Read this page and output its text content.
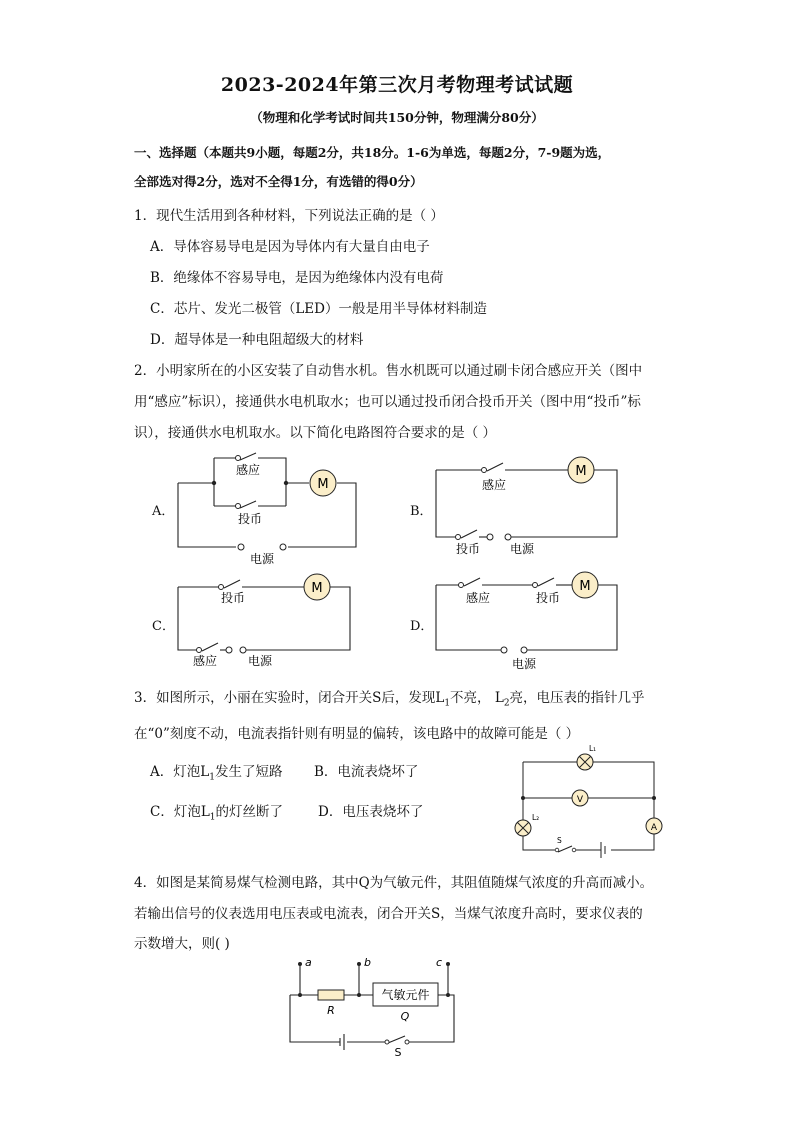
2023-2024年第三次月考物理考试试题
（物理和化学考试时间共150分钟，物理满分80分）
一、选择题（本题共9小题，每题2分，共18分。1-6为单选，每题2分，7-9题为选，
全部选对得2分，选对不全得1分，有选错的得0分）
1．现代生活用到各种材料，下列说法正确的是（ ）
A．导体容易导电是因为导体内有大量自由电子
B．绝缘体不容易导电，是因为绝缘体内没有电荷
C．芯片、发光二极管（LED）一般是用半导体材料制造
D．超导体是一种电阻超级大的材料
2．小明家所在的小区安装了自动售水机。售水机既可以通过刷卡闭合感应开关（图中
用“感应”标识），接通供水电机取水；也可以通过投币闭合投币开关（图中用“投币”标
识），接通供水电机取水。以下简化电路图符合要求的是（ ）
A．	B．
C．	D．
M
感应
投币
电源
M
感应
投币 电源
M
投币
感应	电源
M
感应	投币
电源
3．如图所示，小丽在实验时，闭合开关S后，发现$L_1$不亮， $L_2$亮，电压表的指针几乎
在“0”刻度不动，电流表指针则有明显的偏转，该电路中的故障可能是（ ）
A．灯泡$L_1$发生了短路 B．电流表烧坏了
C．灯泡$L_1$的灯丝断了	D．电压表烧坏了
V
A
L₁
L₂
S
4．如图是某简易煤气检测电路，其中Q为气敏元件，其阻值随煤气浓度的升高而减小。
若输出信号的仪表选用电压表或电流表，闭合开关S，当煤气浓度升高时，要求仪表的
示数增大，则( )
气敏元件
R	Q
a	b	c
S
